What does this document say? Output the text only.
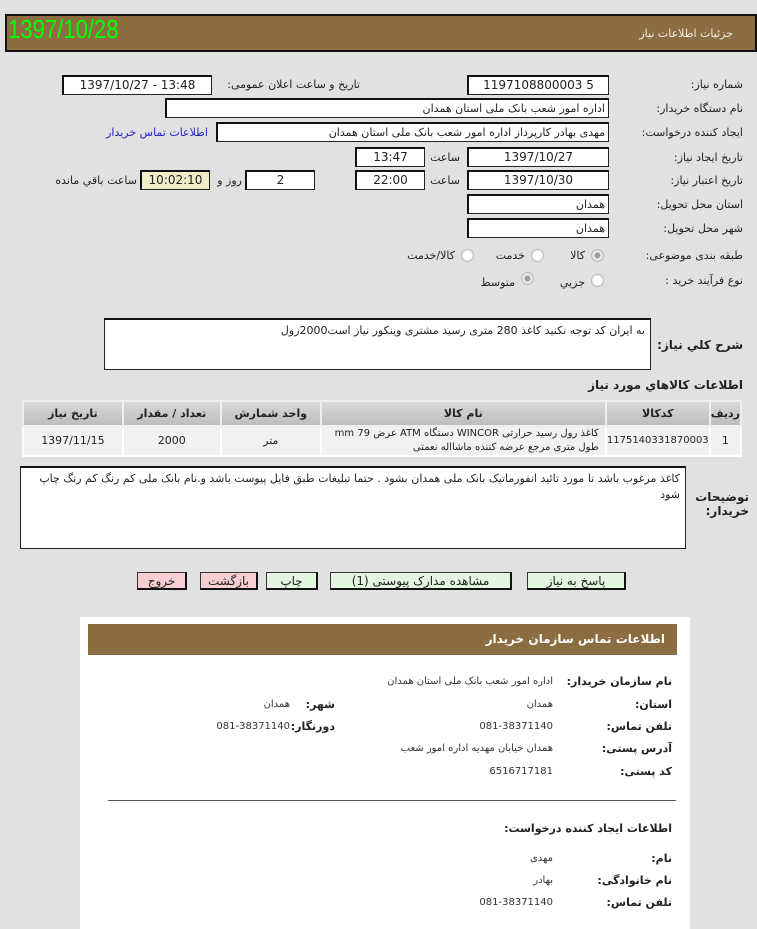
1397/10/28	جزئیات اطلاعات نیاز
شماره نیاز:
1197108800003 5
تاریخ و ساعت اعلان عمومی:
1397/10/27 - 13:48
نام دستگاه خریدار:
اداره امور شعب بانک ملی استان همدان
ایجاد کننده درخواست:
مهدی بهادر کارپرداز اداره امور شعب بانک ملی استان همدان
اطلاعات تماس خریدار
تاریخ ایجاد نیاز:
1397/10/27
ساعت
13:47
تاریخ اعتبار نیاز:
1397/10/30
ساعت
22:00
2
روز و
10:02:10
ساعت باقي مانده
استان محل تحویل:
همدان
شهر محل تحویل:
همدان
طبقه بندی موضوعی:
کالا
خدمت
کالا/خدمت
نوع فرآیند خرید :
جزيي
متوسط
شرح کلي نياز:
به ایران کد توجه نکنید کاغذ 280 متری رسید مشتری وینکور نیاز است2000رول
اطلاعات کالاهاي مورد نياز
رديف	کدکالا	نام کالا	واحد شمارش	تعداد / مقدار	تاريخ نياز
1	1175140331870003	کاغذ رول رسید حرارتی WINCOR دستگاه ATM عرض 79 mm طول متری مرجع عرضه کننده ماشااله نعمتی	متر	2000	1397/11/15
کاغذ مرغوب باشد تا مورد تائید انفورماتیک بانک ملی همدان بشود . حتما تبلیغات طبق فایل پیوست باشد و.نام بانک ملی کم رنگ کم رنگ چاپ شود	توضيحات خريدار:
پاسخ به نیاز
مشاهده مدارک پیوستی (1)
چاپ
بازگشت
خروج
اطلاعات تماس سازمان خریدار
نام سازمان خریدار:
اداره امور شعب بانک ملی استان همدان
استان:
همدان
شهر:
همدان
تلفن تماس:
081-38371140
دورنگار:
081-38371140
آدرس پستی:
همدان خیابان مهدیه اداره امور شعب
کد پستی:
6516717181
اطلاعات ایجاد کننده درخواست:
نام:
مهدی
نام خانوادگی:
بهادر
تلفن تماس:
081-38371140
